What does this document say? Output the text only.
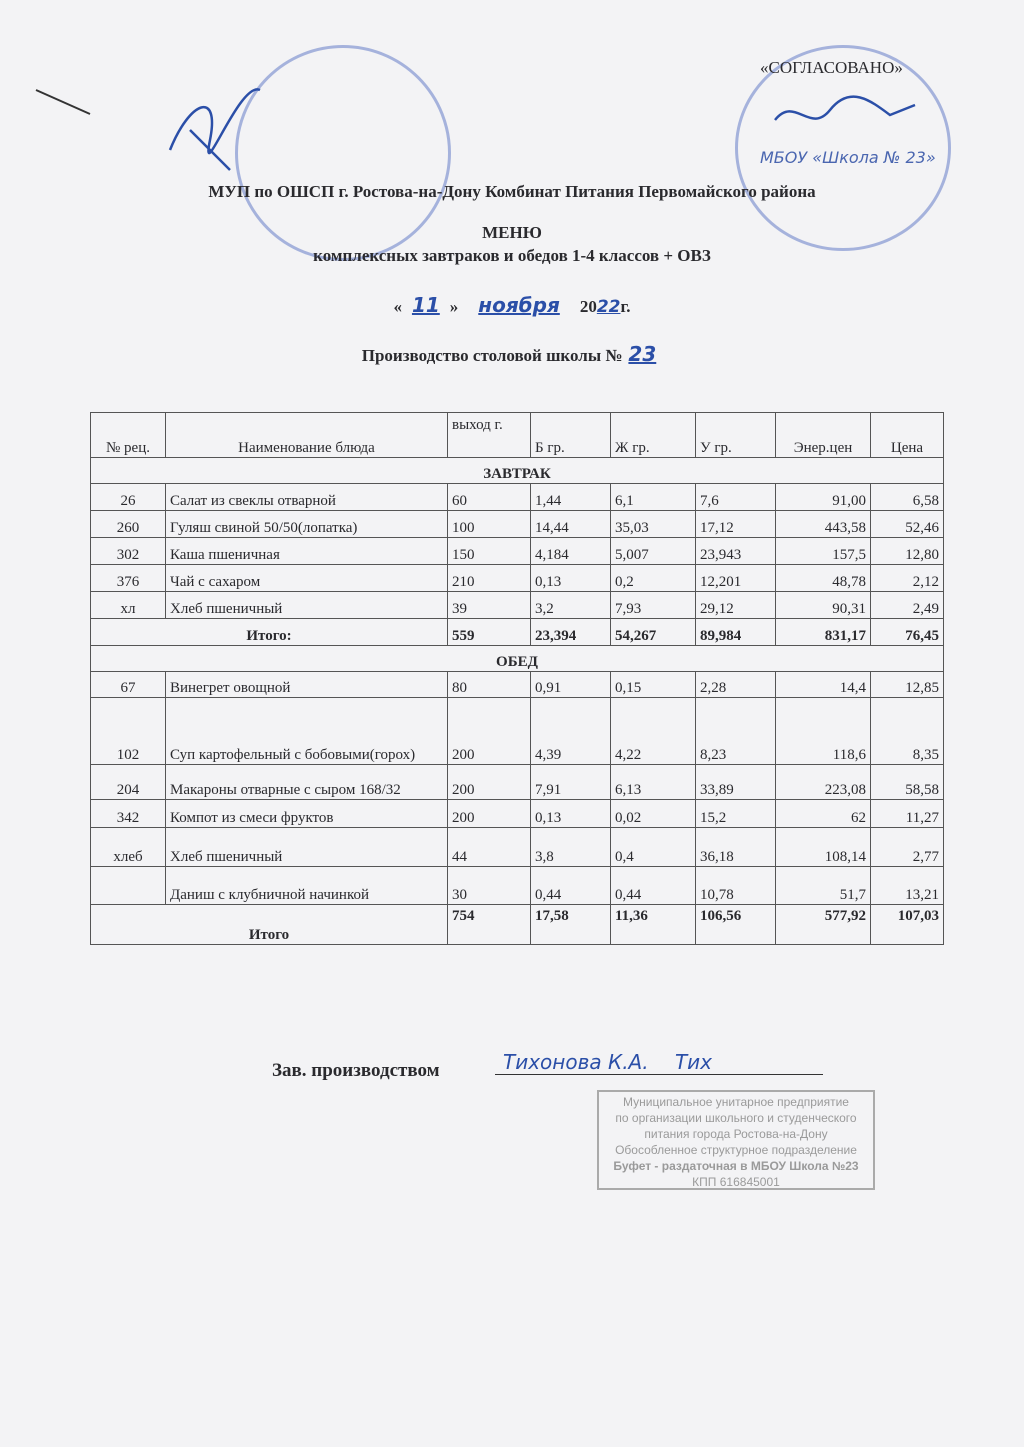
«СОГЛАСОВАНО»
МБОУ «Школа № 23»
МУП по ОШСП г. Ростова-на-Дону Комбинат Питания Первомайского района
МЕНЮ
комплексных завтраков и обедов 1-4 классов + ОВЗ
« 11 » ноября 2022г.
Производство столовой школы № 23
№ рец.	Наименование блюда	выход г.	Б гр.	Ж гр.	У гр.	Энер.цен	Цена
ЗАВТРАК							
26	Салат из свеклы отварной	60	1,44	6,1	7,6	91,00	6,58
260	Гуляш свиной 50/50(лопатка)	100	14,44	35,03	17,12	443,58	52,46
302	Каша пшеничная	150	4,184	5,007	23,943	157,5	12,80
376	Чай с сахаром	210	0,13	0,2	12,201	48,78	2,12
хл	Хлеб пшеничный	39	3,2	7,93	29,12	90,31	2,49
Итого:		559	23,394	54,267	89,984	831,17	76,45
ОБЕД							
67	Винегрет овощной	80	0,91	0,15	2,28	14,4	12,85
102	Суп картофельный с бобовыми(горох)	200	4,39	4,22	8,23	118,6	8,35
204	Макароны отварные с сыром 168/32	200	7,91	6,13	33,89	223,08	58,58
342	Компот из смеси фруктов	200	0,13	0,02	15,2	62	11,27
хлеб	Хлеб пшеничный	44	3,8	0,4	36,18	108,14	2,77
	Даниш с клубничной начинкой	30	0,44	0,44	10,78	51,7	13,21
Итого		754	17,58	11,36	106,56	577,92	107,03
Зав. производством	Тихонова К.А. Тих
Муниципальное унитарное предприятие
по организации школьного и студенческого
питания города Ростова-на-Дону
Обособленное структурное подразделение
Буфет - раздаточная в МБОУ Школа №23
КПП 616845001
